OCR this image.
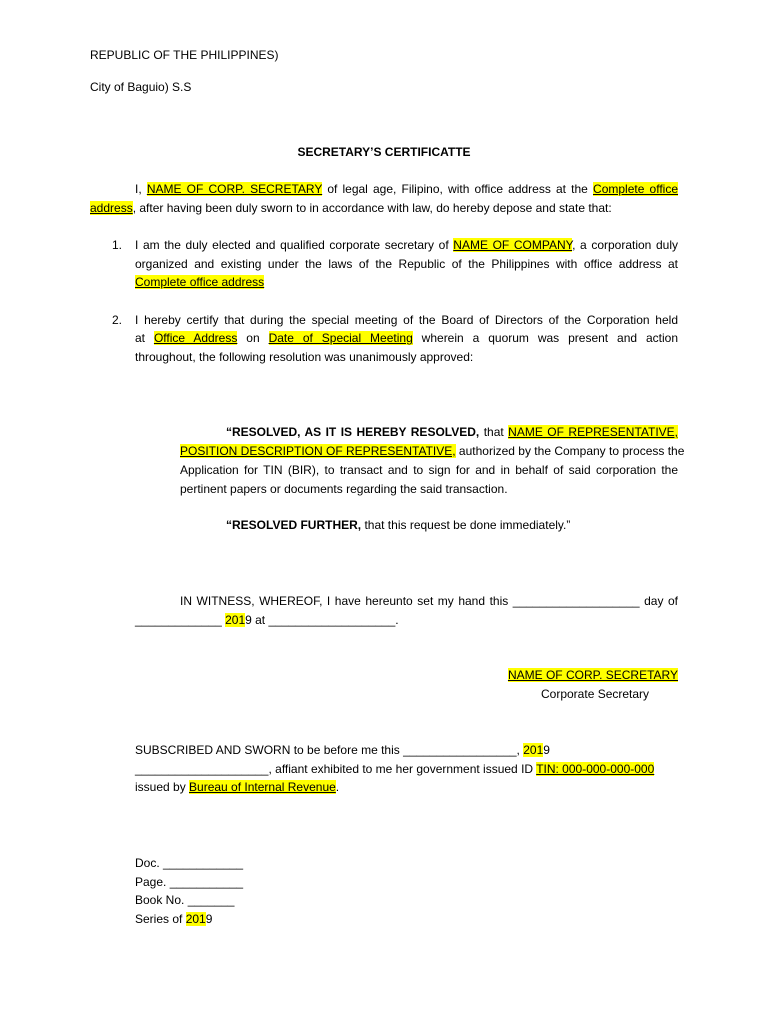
REPUBLIC OF THE PHILIPPINES)
City of Baguio) S.S
SECRETARY’S CERTIFICATTE
I, NAME OF CORP. SECRETARY of legal age, Filipino, with office address at the Complete office
address, after having been duly sworn to in accordance with law, do hereby depose and state that:
1. I am the duly elected and qualified corporate secretary of NAME OF COMPANY, a corporation duly
organized and existing under the laws of the Republic of the Philippines with office address at
Complete office address
2. I hereby certify that during the special meeting of the Board of Directors of the Corporation held
at Office Address on Date of Special Meeting wherein a quorum was present and action
throughout, the following resolution was unanimously approved:
“RESOLVED, AS IT IS HEREBY RESOLVED, that NAME OF REPRESENTATIVE,
POSITION DESCRIPTION OF REPRESENTATIVE, authorized by the Company to process the
Application for TIN (BIR), to transact and to sign for and in behalf of said corporation the
pertinent papers or documents regarding the said transaction.
“RESOLVED FURTHER, that this request be done immediately.”
IN WITNESS, WHEREOF, I have hereunto set my hand this ___________________ day of
_____________ 2019 at ___________________.
NAME OF CORP. SECRETARY
Corporate Secretary
SUBSCRIBED AND SWORN to be before me this _________________, 2019
____________________, affiant exhibited to me her government issued ID TIN: 000-000-000-000
issued by Bureau of Internal Revenue.
Doc. ____________
Page. ___________
Book No. _______
Series of 2019
